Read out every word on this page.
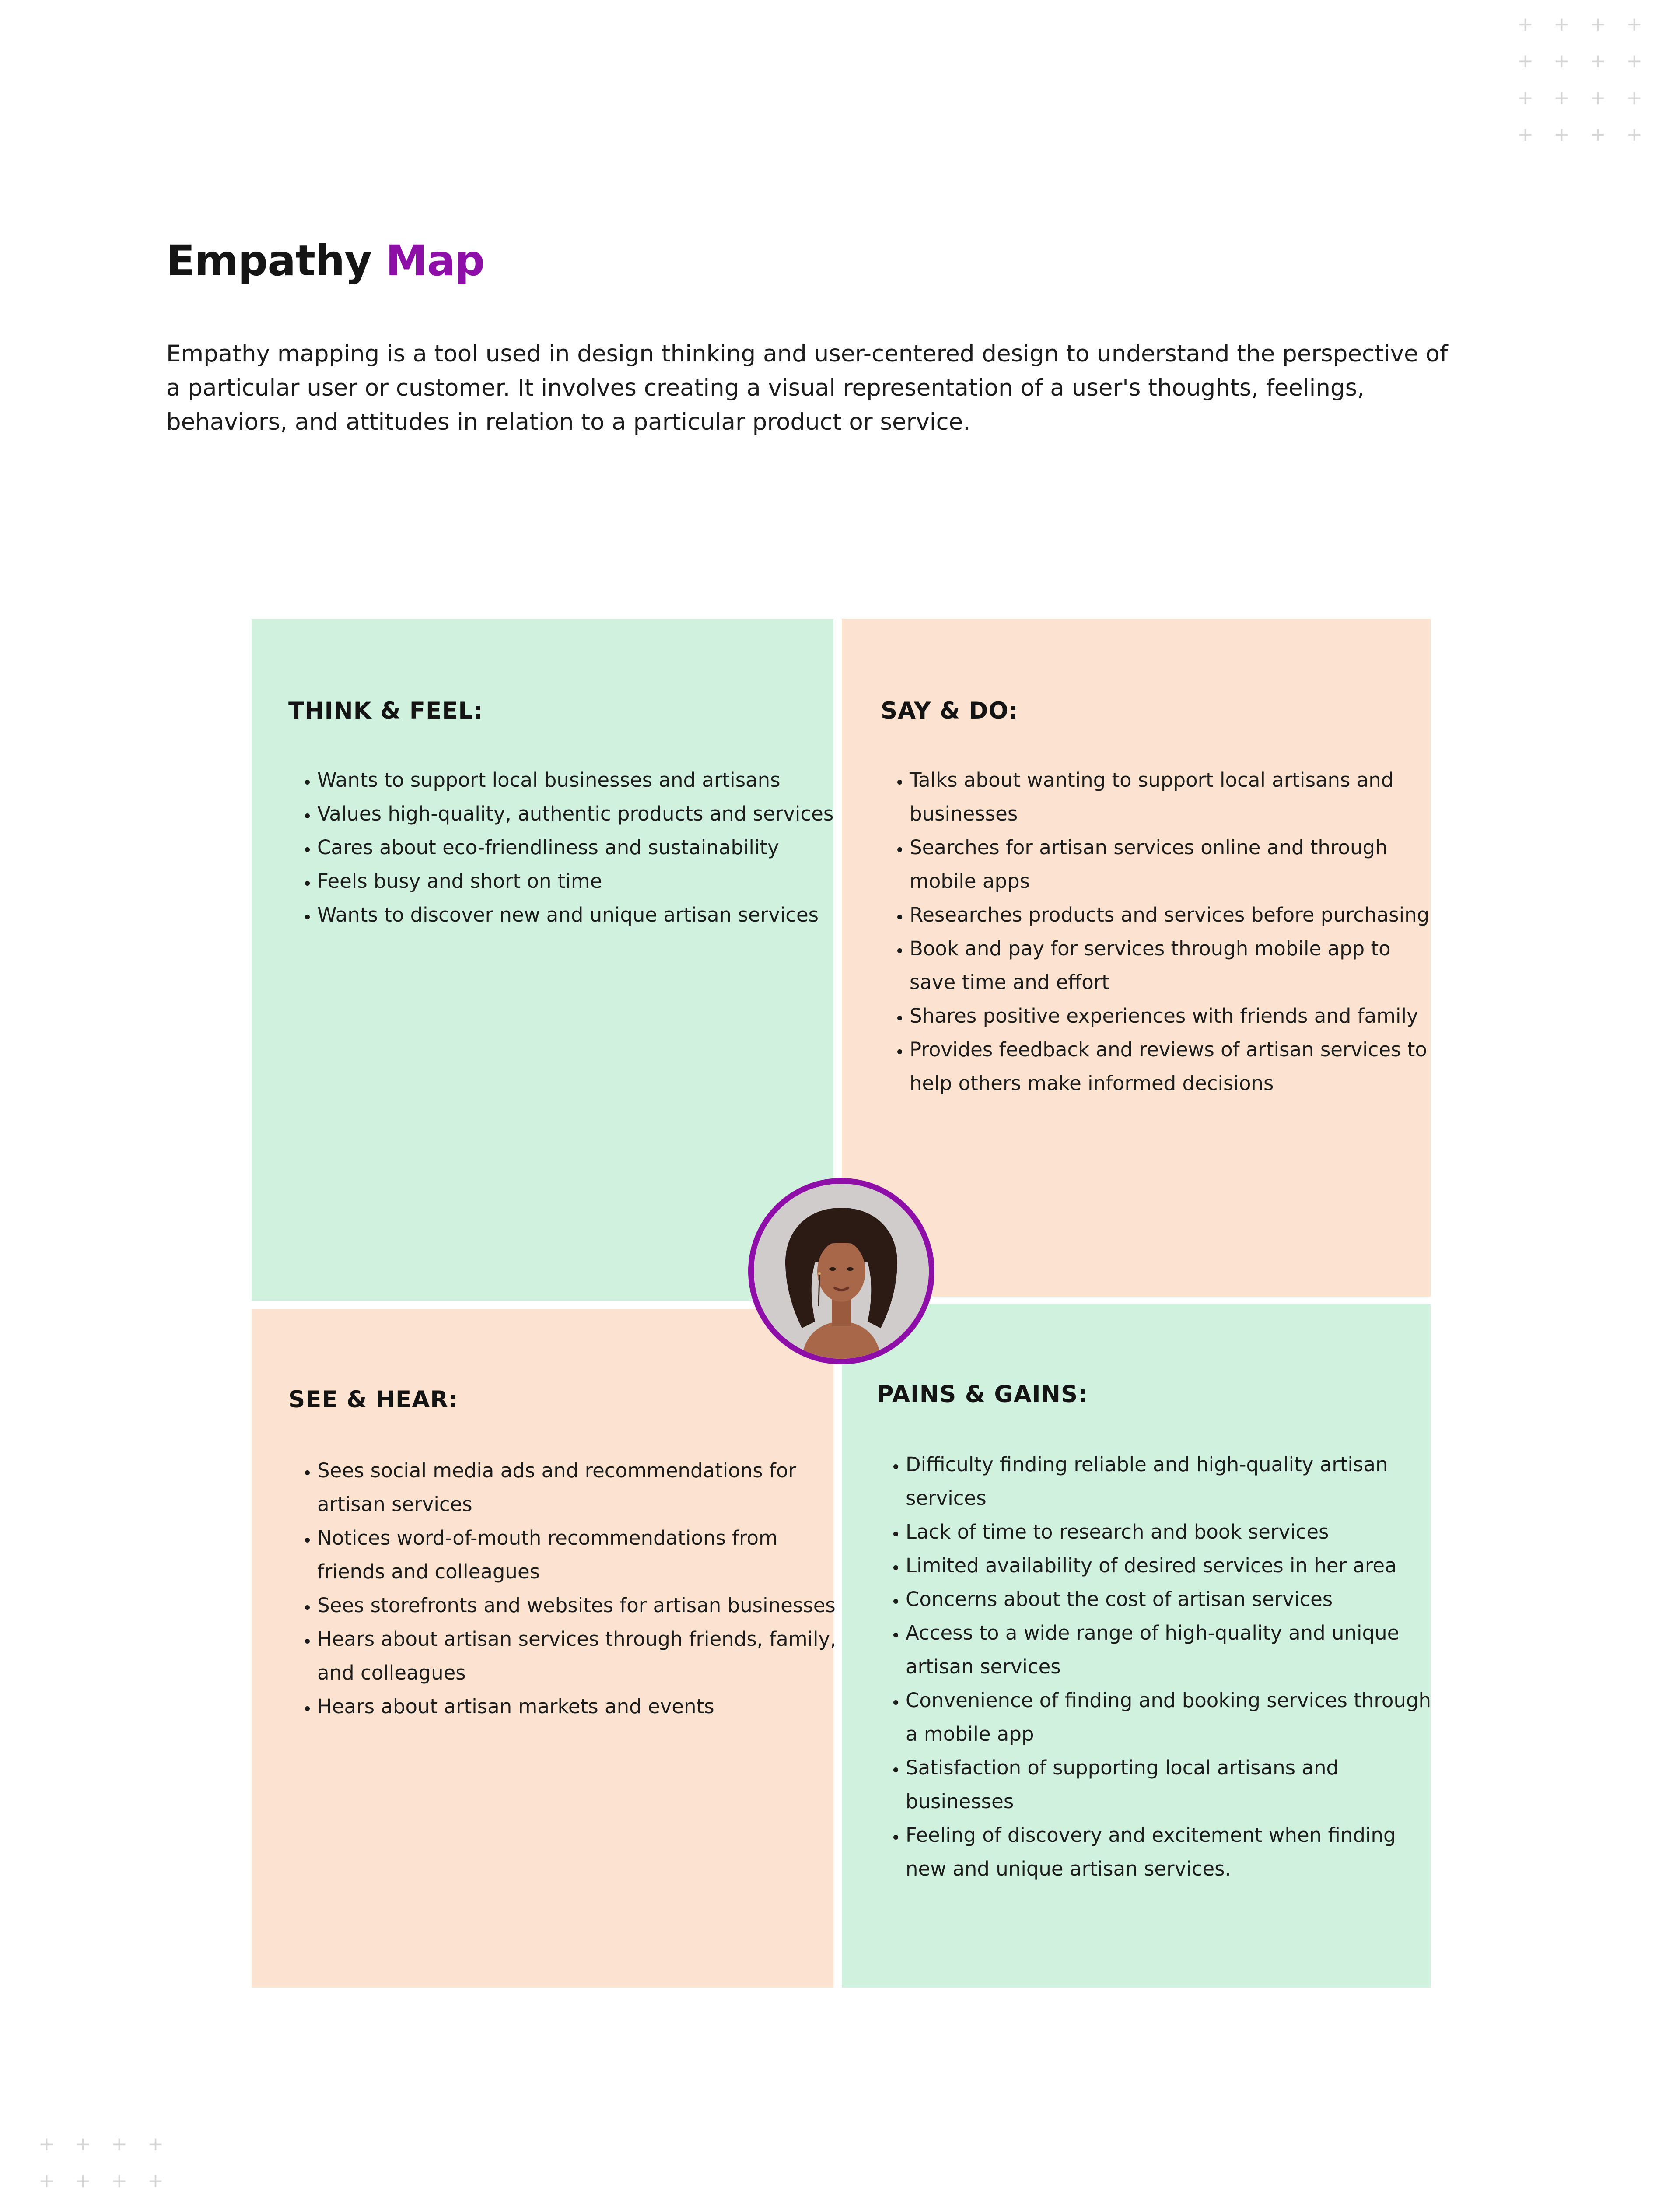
+	+	+	+
+	+	+	+
+	+	+	+
+	+	+	+
Empathy Map

Empathy mapping is a tool used in design thinking and user-centered design to understand the perspective of a particular user or customer. It involves creating a visual representation of a user's thoughts, feelings, behaviors, and attitudes in relation to a particular product or service.

THINK & FEEL:
• Wants to support local businesses and artisans
• Values high-quality, authentic products and services
• Cares about eco-friendliness and sustainability
• Feels busy and short on time
• Wants to discover new and unique artisan services
SAY & DO:
• Talks about wanting to support local artisans and businesses
• Searches for artisan services online and through mobile apps
• Researches products and services before purchasing
• Book and pay for services through mobile app to save time and effort
• Shares positive experiences with friends and family
• Provides feedback and reviews of artisan services to help others make informed decisions
SEE & HEAR:
• Sees social media ads and recommendations for artisan services
• Notices word-of-mouth recommendations from friends and colleagues
• Sees storefronts and websites for artisan businesses
• Hears about artisan services through friends, family, and colleagues
• Hears about artisan markets and events
PAINS & GAINS:
• Difficulty finding reliable and high-quality artisan services
• Lack of time to research and book services
• Limited availability of desired services in her area
• Concerns about the cost of artisan services
• Access to a wide range of high-quality and unique artisan services
• Convenience of finding and booking services through a mobile app
• Satisfaction of supporting local artisans and businesses
• Feeling of discovery and excitement when finding new and unique artisan services.
+	+	+	+
+	+	+	+
